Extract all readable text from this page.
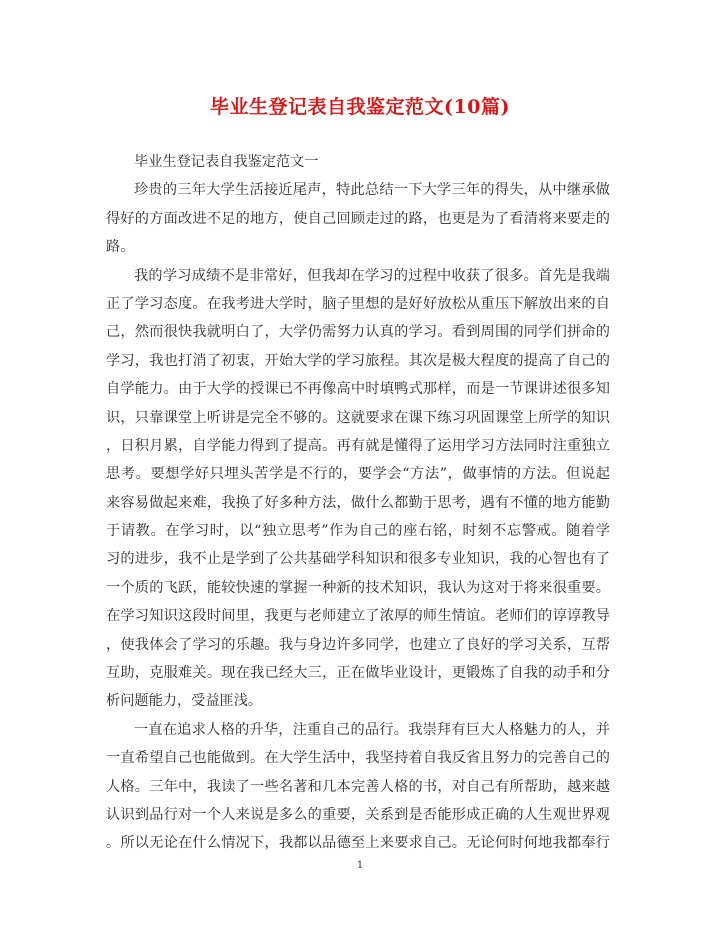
毕业生登记表自我鉴定范文(10篇)
毕业生登记表自我鉴定范文一
珍贵的三年大学生活接近尾声，特此总结一下大学三年的得失，从中继承做
得好的方面改进不足的地方，使自己回顾走过的路，也更是为了看清将来要走的
路。
我的学习成绩不是非常好，但我却在学习的过程中收获了很多。首先是我端
正了学习态度。在我考进大学时，脑子里想的是好好放松从重压下解放出来的自
己，然而很快我就明白了，大学仍需努力认真的学习。看到周围的同学们拼命的
学习，我也打消了初衷，开始大学的学习旅程。其次是极大程度的提高了自己的
自学能力。由于大学的授课已不再像高中时填鸭式那样，而是一节课讲述很多知
识，只靠课堂上听讲是完全不够的。这就要求在课下练习巩固课堂上所学的知识
，日积月累，自学能力得到了提高。再有就是懂得了运用学习方法同时注重独立
思考。要想学好只埋头苦学是不行的，要学会“方法”，做事情的方法。但说起
来容易做起来难，我换了好多种方法，做什么都勤于思考，遇有不懂的地方能勤
于请教。在学习时，以“独立思考”作为自己的座右铭，时刻不忘警戒。随着学
习的进步，我不止是学到了公共基础学科知识和很多专业知识，我的心智也有了
一个质的飞跃，能较快速的掌握一种新的技术知识，我认为这对于将来很重要。
在学习知识这段时间里，我更与老师建立了浓厚的师生情谊。老师们的谆谆教导
，使我体会了学习的乐趣。我与身边许多同学，也建立了良好的学习关系，互帮
互助，克服难关。现在我已经大三，正在做毕业设计，更锻炼了自我的动手和分
析问题能力，受益匪浅。
一直在追求人格的升华，注重自己的品行。我崇拜有巨大人格魅力的人，并
一直希望自己也能做到。在大学生活中，我坚持着自我反省且努力的完善自己的
人格。三年中，我读了一些名著和几本完善人格的书，对自己有所帮助，越来越
认识到品行对一个人来说是多么的重要，关系到是否能形成正确的人生观世界观
。所以无论在什么情况下，我都以品德至上来要求自己。无论何时何地我都奉行
1
